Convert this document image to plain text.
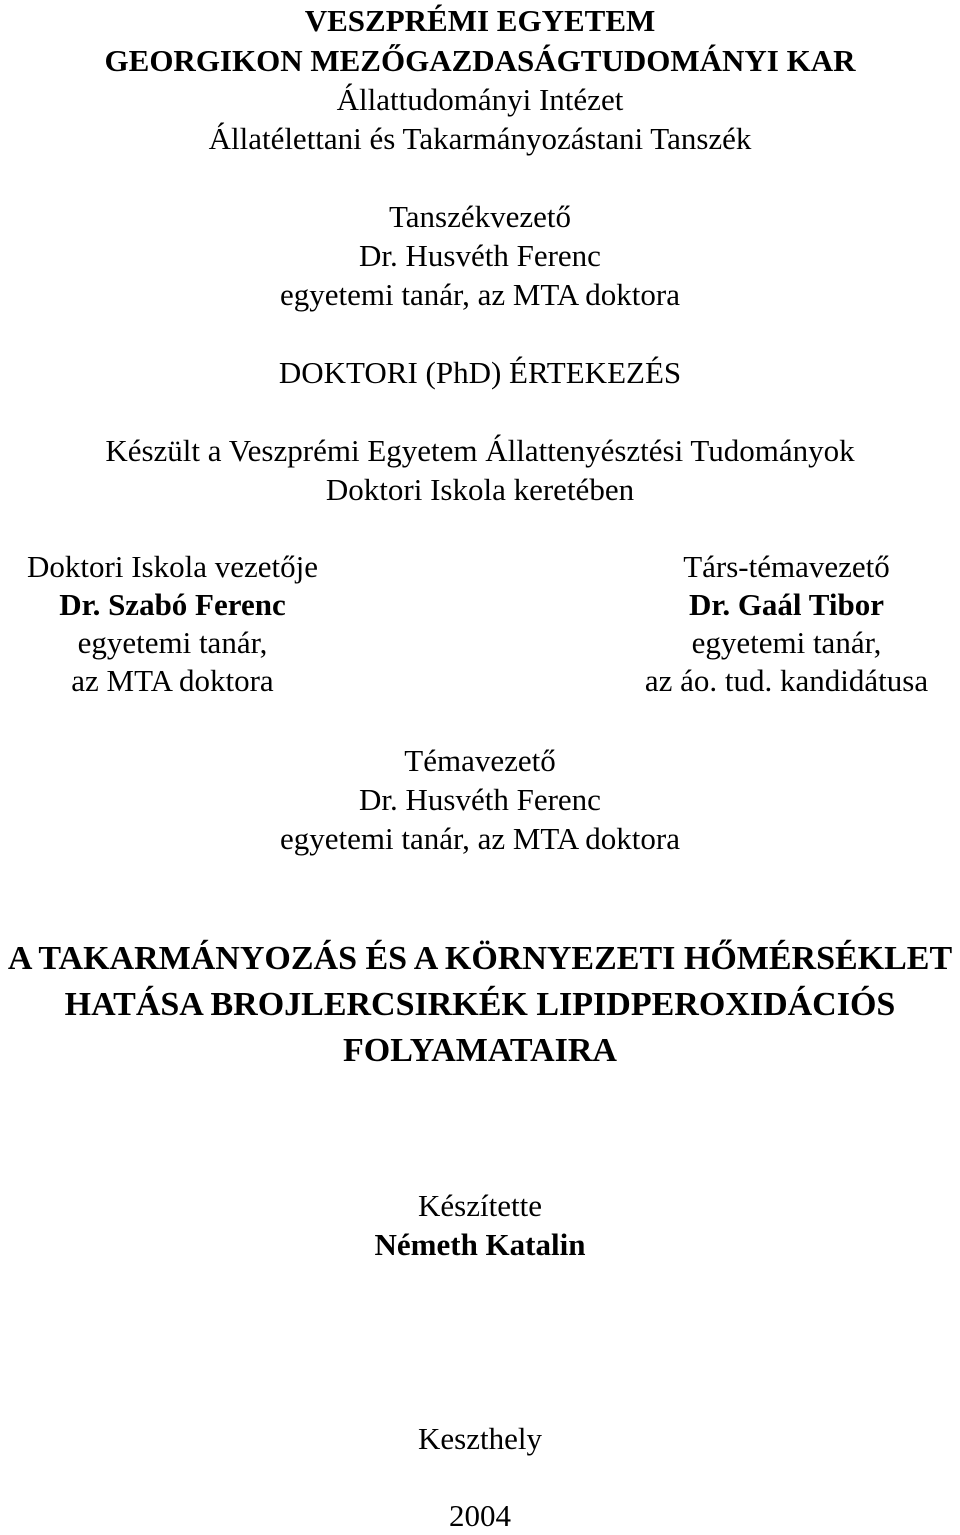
VESZPRÉMI EGYETEM
GEORGIKON MEZŐGAZDASÁGTUDOMÁNYI KAR
Állattudományi Intézet
Állatélettani és Takarmányozástani Tanszék
Tanszékvezető
Dr. Husvéth Ferenc
egyetemi tanár, az MTA doktora
DOKTORI (PhD) ÉRTEKEZÉS
Készült a Veszprémi Egyetem Állattenyésztési Tudományok
Doktori Iskola keretében
Doktori Iskola vezetője
Dr. Szabó Ferenc
egyetemi tanár,
az MTA doktora
Társ-témavezető
Dr. Gaál Tibor
egyetemi tanár,
az áo. tud. kandidátusa
Témavezető
Dr. Husvéth Ferenc
egyetemi tanár, az MTA doktora
A TAKARMÁNYOZÁS ÉS A KÖRNYEZETI HŐMÉRSÉKLET
HATÁSA BROJLERCSIRKÉK LIPIDPEROXIDÁCIÓS
FOLYAMATAIRA
Készítette
Németh Katalin
Keszthely
2004
